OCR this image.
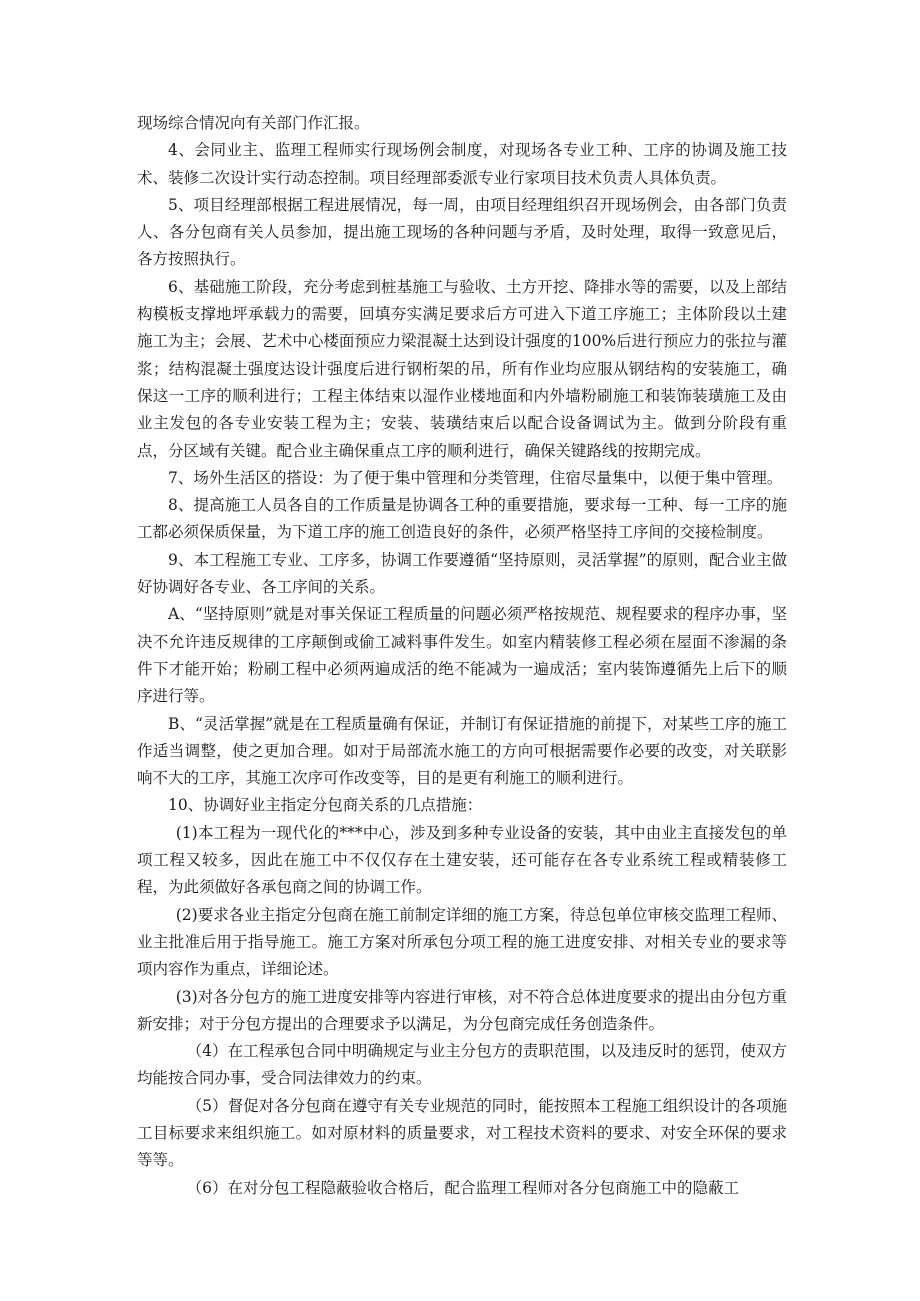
现场综合情况向有关部门作汇报。

4、会同业主、监理工程师实行现场例会制度，对现场各专业工种、工序的协调及施工技术、装修二次设计实行动态控制。项目经理部委派专业行家项目技术负责人具体负责。

5、项目经理部根据工程进展情况，每一周，由项目经理组织召开现场例会，由各部门负责人、各分包商有关人员参加，提出施工现场的各种问题与矛盾，及时处理，取得一致意见后，各方按照执行。

6、基础施工阶段，充分考虑到桩基施工与验收、土方开挖、降排水等的需要，以及上部结构模板支撑地坪承载力的需要，回填夯实满足要求后方可进入下道工序施工；主体阶段以土建施工为主；会展、艺术中心楼面预应力梁混凝土达到设计强度的100%后进行预应力的张拉与灌浆；结构混凝土强度达设计强度后进行钢桁架的吊，所有作业均应服从钢结构的安装施工，确保这一工序的顺利进行；工程主体结束以湿作业楼地面和内外墙粉刷施工和装饰装璜施工及由业主发包的各专业安装工程为主；安装、装璜结束后以配合设备调试为主。做到分阶段有重点，分区域有关键。配合业主确保重点工序的顺利进行，确保关键路线的按期完成。

7、场外生活区的搭设：为了便于集中管理和分类管理，住宿尽量集中，以便于集中管理。

8、提高施工人员各自的工作质量是协调各工种的重要措施，要求每一工种、每一工序的施工都必须保质保量，为下道工序的施工创造良好的条件，必须严格坚持工序间的交接检制度。

9、本工程施工专业、工序多，协调工作要遵循“坚持原则，灵活掌握”的原则，配合业主做好协调好各专业、各工序间的关系。

A、“坚持原则”就是对事关保证工程质量的问题必须严格按规范、规程要求的程序办事，坚决不允许违反规律的工序颠倒或偷工减料事件发生。如室内精装修工程必须在屋面不渗漏的条件下才能开始；粉刷工程中必须两遍成活的绝不能减为一遍成活；室内装饰遵循先上后下的顺序进行等。

B、“灵活掌握”就是在工程质量确有保证，并制订有保证措施的前提下，对某些工序的施工作适当调整，使之更加合理。如对于局部流水施工的方向可根据需要作必要的改变，对关联影响不大的工序，其施工次序可作改变等，目的是更有利施工的顺利进行。

10、协调好业主指定分包商关系的几点措施：

(1)本工程为一现代化的***中心，涉及到多种专业设备的安装，其中由业主直接发包的单项工程又较多，因此在施工中不仅仅存在土建安装，还可能存在各专业系统工程或精装修工程，为此须做好各承包商之间的协调工作。

(2)要求各业主指定分包商在施工前制定详细的施工方案，待总包单位审核交监理工程师、业主批准后用于指导施工。施工方案对所承包分项工程的施工进度安排、对相关专业的要求等项内容作为重点，详细论述。

(3)对各分包方的施工进度安排等内容进行审核，对不符合总体进度要求的提出由分包方重新安排；对于分包方提出的合理要求予以满足，为分包商完成任务创造条件。

（4）在工程承包合同中明确规定与业主分包方的责职范围，以及违反时的惩罚，使双方均能按合同办事，受合同法律效力的约束。

（5）督促对各分包商在遵守有关专业规范的同时，能按照本工程施工组织设计的各项施工目标要求来组织施工。如对原材料的质量要求，对工程技术资料的要求、对安全环保的要求等等。

（6）在对分包工程隐蔽验收合格后，配合监理工程师对各分包商施工中的隐蔽工
